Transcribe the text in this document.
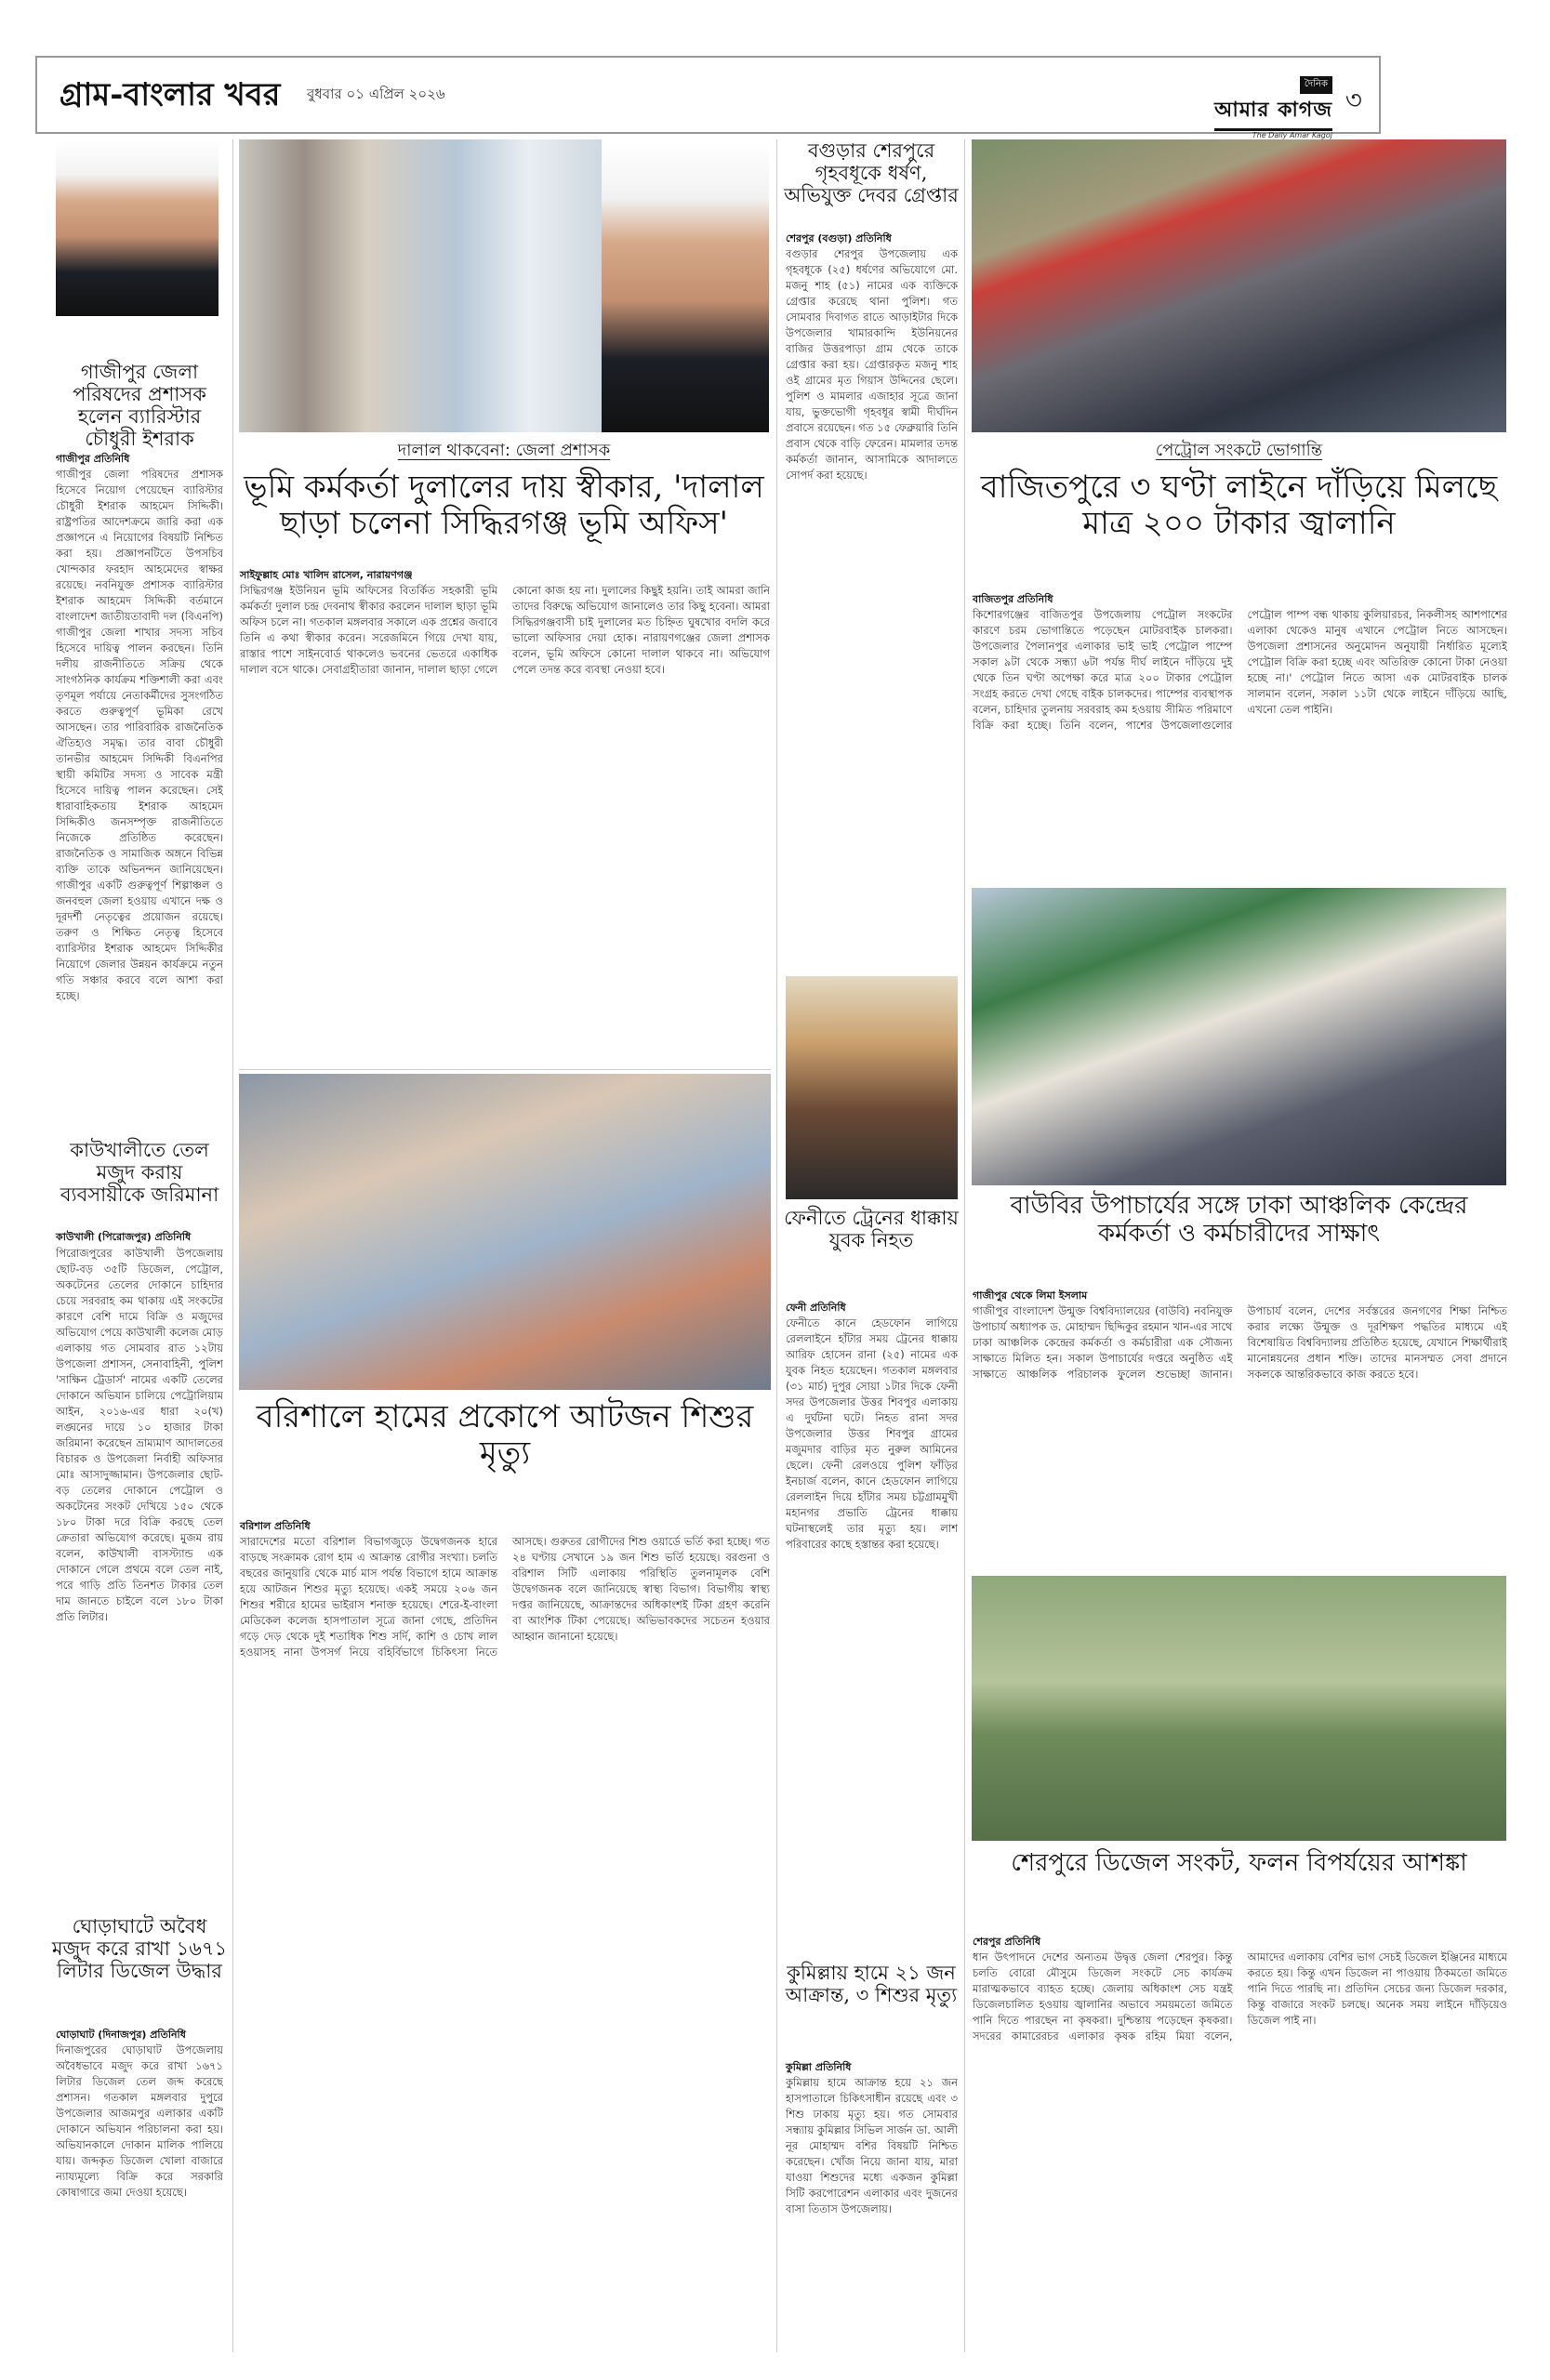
গ্রাম-বাংলার খবর বুধবার ০১ এপ্রিল ২০২৬
দৈনিক
আমার কাগজ
The Daily Amar Kagoj
৩
গাজীপুর জেলা পরিষদের প্রশাসক হলেন ব্যারিস্টার চৌধুরী ইশরাক
গাজীপুর প্রতিনিধি
গাজীপুর জেলা পরিষদের প্রশাসক হিসেবে নিয়োগ পেয়েছেন ব্যারিস্টার চৌধুরী ইশরাক আহমেদ সিদ্দিকী। রাষ্ট্রপতির আদেশক্রমে জারি করা এক প্রজ্ঞাপনে এ নিয়োগের বিষয়টি নিশ্চিত করা হয়। প্রজ্ঞাপনটিতে উপসচিব খোন্দকার ফরহাদ আহমেদের স্বাক্ষর রয়েছে। নবনিযুক্ত প্রশাসক ব্যারিস্টার ইশরাক আহমেদ সিদ্দিকী বর্তমানে বাংলাদেশ জাতীয়তাবাদী দল (বিএনপি) গাজীপুর জেলা শাখার সদস্য সচিব হিসেবে দায়িত্ব পালন করছেন। তিনি দলীয় রাজনীতিতে সক্রিয় থেকে সাংগঠনিক কার্যক্রম শক্তিশালী করা এবং তৃণমূল পর্যায়ে নেতাকর্মীদের সুসংগঠিত করতে গুরুত্বপূর্ণ ভূমিকা রেখে আসছেন। তার পারিবারিক রাজনৈতিক ঐতিহ্যও সমৃদ্ধ। তার বাবা চৌধুরী তানভীর আহমেদ সিদ্দিকী বিএনপির স্থায়ী কমিটির সদস্য ও সাবেক মন্ত্রী হিসেবে দায়িত্ব পালন করেছেন। সেই ধারাবাহিকতায় ইশরাক আহমেদ সিদ্দিকীও জনসম্পৃক্ত রাজনীতিতে নিজেকে প্রতিষ্ঠিত করেছেন। রাজনৈতিক ও সামাজিক অঙ্গনে বিভিন্ন ব্যক্তি তাকে অভিনন্দন জানিয়েছেন। গাজীপুর একটি গুরুত্বপূর্ণ শিল্পাঞ্চল ও জনবহুল জেলা হওয়ায় এখানে দক্ষ ও দূরদর্শী নেতৃত্বের প্রয়োজন রয়েছে। তরুণ ও শিক্ষিত নেতৃত্ব হিসেবে ব্যারিস্টার ইশরাক আহমেদ সিদ্দিকীর নিয়োগে জেলার উন্নয়ন কার্যক্রমে নতুন গতি সঞ্চার করবে বলে আশা করা হচ্ছে।
কাউখালীতে তেল মজুদ করায় ব্যবসায়ীকে জরিমানা
কাউখালী (পিরোজপুর) প্রতিনিধি
পিরোজপুরের কাউখালী উপজেলায় ছোট-বড় ৩৫টি ডিজেল, পেট্রোল, অকটেনের তেলের দোকানে চাহিদার চেয়ে সরবরাহ কম থাকায় এই সংকটের কারণে বেশি দামে বিক্রি ও মজুদের অভিযোগ পেয়ে কাউখালী কলেজ মোড় এলাকায় গত সোমবার রাত ১২টায় উপজেলা প্রশাসন, সেনাবাহিনী, পুলিশ 'সাক্ষিন ট্রেডার্স' নামের একটি তেলের দোকানে অভিযান চালিয়ে পেট্রোলিয়াম আইন, ২০১৬-এর ধারা ২০(খ) লঙ্ঘনের দায়ে ১০ হাজার টাকা জরিমানা করেছেন ভ্রাম্যমাণ আদালতের বিচারক ও উপজেলা নির্বাহী অফিসার মোঃ আসাদুজ্জামান। উপজেলার ছোট-বড় তেলের দোকানে পেট্রোল ও অকটেনের সংকট দেখিয়ে ১৫০ থেকে ১৮০ টাকা দরে বিক্রি করছে তেল ক্রেতারা অভিযোগ করেছে। মুজম রায় বলেন, কাউখালী বাসস্ট্যান্ড এক দোকানে গেলে প্রথমে বলে তেল নাই, পরে গাড়ি প্রতি তিনশত টাকার তেল দাম জানতে চাইলে বলে ১৮০ টাকা প্রতি লিটার।
ঘোড়াঘাটে অবৈধ মজুদ করে রাখা ১৬৭১ লিটার ডিজেল উদ্ধার
ঘোড়াঘাট (দিনাজপুর) প্রতিনিধি
দিনাজপুরের ঘোড়াঘাট উপজেলায় অবৈধভাবে মজুদ করে রাখা ১৬৭১ লিটার ডিজেল তেল জব্দ করেছে প্রশাসন। গতকাল মঙ্গলবার দুপুরে উপজেলার আজমপুর এলাকার একটি দোকানে অভিযান পরিচালনা করা হয়। অভিযানকালে দোকান মালিক পালিয়ে যায়। জব্দকৃত ডিজেল খোলা বাজারে ন্যায্যমূল্যে বিক্রি করে সরকারি কোষাগারে জমা দেওয়া হয়েছে।
দালাল থাকবেনা: জেলা প্রশাসক
ভূমি কর্মকর্তা দুলালের দায় স্বীকার, 'দালাল ছাড়া চলেনা সিদ্ধিরগঞ্জ ভূমি অফিস'
সাইফুল্লাহ মোঃ খালিদ রাসেল, নারায়ণগঞ্জ
সিদ্ধিরগঞ্জ ইউনিয়ন ভূমি অফিসের বিতর্কিত সহকারী ভূমি কর্মকর্তা দুলাল চন্দ্র দেবনাথ স্বীকার করলেন দালাল ছাড়া ভূমি অফিস চলে না। গতকাল মঙ্গলবার সকালে এক প্রশ্নের জবাবে তিনি এ কথা স্বীকার করেন। সরেজমিনে গিয়ে দেখা যায়, রাস্তার পাশে সাইনবোর্ড থাকলেও ভবনের ভেতরে একাধিক দালাল বসে থাকে। সেবাগ্রহীতারা জানান, দালাল ছাড়া গেলে কোনো কাজ হয় না। দুলালের কিছুই হয়নি। তাই আমরা জানি তাদের বিরুদ্ধে অভিযোগ জানালেও তার কিছু হবেনা। আমরা সিদ্ধিরগঞ্জবাসী চাই দুলালের মত চিহ্নিত ঘুষখোর বদলি করে ভালো অফিসার দেয়া হোক। নারায়ণগঞ্জের জেলা প্রশাসক বলেন, ভূমি অফিসে কোনো দালাল থাকবে না। অভিযোগ পেলে তদন্ত করে ব্যবস্থা নেওয়া হবে।
বরিশালে হামের প্রকোপে আটজন শিশুর মৃত্যু
বরিশাল প্রতিনিধি
সারাদেশের মতো বরিশাল বিভাগজুড়ে উদ্বেগজনক হারে বাড়ছে সংক্রামক রোগ হাম এ আক্রান্ত রোগীর সংখ্যা। চলতি বছরের জানুয়ারি থেকে মার্চ মাস পর্যন্ত বিভাগে হামে আক্রান্ত হয়ে আটজন শিশুর মৃত্যু হয়েছে। একই সময়ে ২০৬ জন শিশুর শরীরে হামের ভাইরাস শনাক্ত হয়েছে। শেরে-ই-বাংলা মেডিকেল কলেজ হাসপাতাল সূত্রে জানা গেছে, প্রতিদিন গড়ে দেড় থেকে দুই শতাধিক শিশু সর্দি, কাশি ও চোখ লাল হওয়াসহ নানা উপসর্গ নিয়ে বহির্বিভাগে চিকিৎসা নিতে আসছে। গুরুতর রোগীদের শিশু ওয়ার্ডে ভর্তি করা হচ্ছে। গত ২৪ ঘণ্টায় সেখানে ১৯ জন শিশু ভর্তি হয়েছে। বরগুনা ও বরিশাল সিটি এলাকায় পরিস্থিতি তুলনামূলক বেশি উদ্বেগজনক বলে জানিয়েছে স্বাস্থ্য বিভাগ। বিভাগীয় স্বাস্থ্য দপ্তর জানিয়েছে, আক্রান্তদের অধিকাংশই টিকা গ্রহণ করেনি বা আংশিক টিকা পেয়েছে। অভিভাবকদের সচেতন হওয়ার আহ্বান জানানো হয়েছে।
বগুড়ার শেরপুরে গৃহবধূকে ধর্ষণ, অভিযুক্ত দেবর গ্রেপ্তার
শেরপুর (বগুড়া) প্রতিনিধি
বগুড়ার শেরপুর উপজেলায় এক গৃহবধূকে (২৫) ধর্ষণের অভিযোগে মো. মজনু শাহ (৫১) নামের এক ব্যক্তিকে গ্রেপ্তার করেছে থানা পুলিশ। গত সোমবার দিবাগত রাতে আড়াইটার দিকে উপজেলার খামারকান্দি ইউনিয়নের বাজির উত্তরপাড়া গ্রাম থেকে তাকে গ্রেপ্তার করা হয়। গ্রেপ্তারকৃত মজনু শাহ ওই গ্রামের মৃত গিয়াস উদ্দিনের ছেলে। পুলিশ ও মামলার এজাহার সূত্রে জানা যায়, ভুক্তভোগী গৃহবধূর স্বামী দীর্ঘদিন প্রবাসে রয়েছেন। গত ১৫ ফেব্রুয়ারি তিনি প্রবাস থেকে বাড়ি ফেরেন। মামলার তদন্ত কর্মকর্তা জানান, আসামিকে আদালতে সোপর্দ করা হয়েছে।
ফেনীতে ট্রেনের ধাক্কায় যুবক নিহত
ফেনী প্রতিনিধি
ফেনীতে কানে হেডফোন লাগিয়ে রেললাইনে হাঁটার সময় ট্রেনের ধাক্কায় আরিফ হোসেন রানা (২৫) নামের এক যুবক নিহত হয়েছেন। গতকাল মঙ্গলবার (৩১ মার্চ) দুপুর সোয়া ১টার দিকে ফেনী সদর উপজেলার উত্তর শিবপুর এলাকায় এ দুর্ঘটনা ঘটে। নিহত রানা সদর উপজেলার উত্তর শিবপুর গ্রামের মজুমদার বাড়ির মৃত নুরুল আমিনের ছেলে। ফেনী রেলওয়ে পুলিশ ফাঁড়ির ইনচার্জ বলেন, কানে হেডফোন লাগিয়ে রেললাইন দিয়ে হাঁটার সময় চট্টগ্রামমুখী মহানগর প্রভাতি ট্রেনের ধাক্কায় ঘটনাস্থলেই তার মৃত্যু হয়। লাশ পরিবারের কাছে হস্তান্তর করা হয়েছে।
কুমিল্লায় হামে ২১ জন আক্রান্ত, ৩ শিশুর মৃত্যু
কুমিল্লা প্রতিনিধি
কুমিল্লায় হামে আক্রান্ত হয়ে ২১ জন হাসপাতালে চিকিৎসাধীন রয়েছে এবং ৩ শিশু ঢাকায় মৃত্যু হয়। গত সোমবার সন্ধ্যায় কুমিল্লার সিভিল সার্জন ডা. আলী নূর মোহাম্মদ বশির বিষয়টি নিশ্চিত করেছেন। খোঁজ নিয়ে জানা যায়, মারা যাওয়া শিশুদের মধ্যে একজন কুমিল্লা সিটি করপোরেশন এলাকার এবং দুজনের বাসা তিতাস উপজেলায়।
পেট্রোল সংকটে ভোগান্তি
বাজিতপুরে ৩ ঘণ্টা লাইনে দাঁড়িয়ে মিলছে মাত্র ২০০ টাকার জ্বালানি
বাজিতপুর প্রতিনিধি
কিশোরগঞ্জের বাজিতপুর উপজেলায় পেট্রোল সংকটের কারণে চরম ভোগান্তিতে পড়েছেন মোটরবাইক চালকরা। উপজেলার পৈলানপুর এলাকার ভাই ভাই পেট্রোল পাম্পে সকাল ৯টা থেকে সন্ধ্যা ৬টা পর্যন্ত দীর্ঘ লাইনে দাঁড়িয়ে দুই থেকে তিন ঘণ্টা অপেক্ষা করে মাত্র ২০০ টাকার পেট্রোল সংগ্রহ করতে দেখা গেছে বাইক চালকদের। পাম্পের ব্যবস্থাপক বলেন, চাহিদার তুলনায় সরবরাহ কম হওয়ায় সীমিত পরিমাণে বিক্রি করা হচ্ছে। তিনি বলেন, পাশের উপজেলাগুলোর পেট্রোল পাম্প বন্ধ থাকায় কুলিয়ারচর, নিকলীসহ আশপাশের এলাকা থেকেও মানুষ এখানে পেট্রোল নিতে আসছেন। উপজেলা প্রশাসনের অনুমোদন অনুযায়ী নির্ধারিত মূল্যেই পেট্রোল বিক্রি করা হচ্ছে এবং অতিরিক্ত কোনো টাকা নেওয়া হচ্ছে না।' পেট্রোল নিতে আসা এক মোটরবাইক চালক সালমান বলেন, সকাল ১১টা থেকে লাইনে দাঁড়িয়ে আছি, এখনো তেল পাইনি।
বাউবির উপাচার্যের সঙ্গে ঢাকা আঞ্চলিক কেন্দ্রের কর্মকর্তা ও কর্মচারীদের সাক্ষাৎ
গাজীপুর থেকে লিমা ইসলাম
গাজীপুর বাংলাদেশ উন্মুক্ত বিশ্ববিদ্যালয়ের (বাউবি) নবনিযুক্ত উপাচার্য অধ্যাপক ড. মোহাম্মদ ছিদ্দিকুর রহমান খান-এর সাথে ঢাকা আঞ্চলিক কেন্দ্রের কর্মকর্তা ও কর্মচারীরা এক সৌজন্য সাক্ষাতে মিলিত হন। সকাল উপাচার্যের দপ্তরে অনুষ্ঠিত এই সাক্ষাতে আঞ্চলিক পরিচালক ফুলেল শুভেচ্ছা জানান। উপাচার্য বলেন, দেশের সর্বস্তরের জনগণের শিক্ষা নিশ্চিত করার লক্ষ্যে উন্মুক্ত ও দূরশিক্ষণ পদ্ধতির মাধ্যমে এই বিশেষায়িত বিশ্ববিদ্যালয় প্রতিষ্ঠিত হয়েছে, যেখানে শিক্ষার্থীরাই মানোন্নয়নের প্রধান শক্তি। তাদের মানসম্মত সেবা প্রদানে সকলকে আন্তরিকভাবে কাজ করতে হবে।
শেরপুরে ডিজেল সংকট, ফলন বিপর্যয়ের আশঙ্কা
শেরপুর প্রতিনিধি
ধান উৎপাদনে দেশের অন্যতম উদ্বৃত্ত জেলা শেরপুর। কিন্তু চলতি বোরো মৌসুমে ডিজেল সংকটে সেচ কার্যক্রম মারাত্মকভাবে ব্যাহত হচ্ছে। জেলায় অধিকাংশ সেচ যন্ত্রই ডিজেলচালিত হওয়ায় জ্বালানির অভাবে সময়মতো জমিতে পানি দিতে পারছেন না কৃষকরা। দুশ্চিন্তায় পড়েছেন কৃষকরা। সদরের কামারেরচর এলাকার কৃষক রহিম মিয়া বলেন, আমাদের এলাকায় বেশির ভাগ সেচই ডিজেল ইঞ্জিনের মাধ্যমে করতে হয়। কিন্তু এখন ডিজেল না পাওয়ায় ঠিকমতো জমিতে পানি দিতে পারছি না। প্রতিদিন সেচের জন্য ডিজেল দরকার, কিন্তু বাজারে সংকট চলছে। অনেক সময় লাইনে দাঁড়িয়েও ডিজেল পাই না।
